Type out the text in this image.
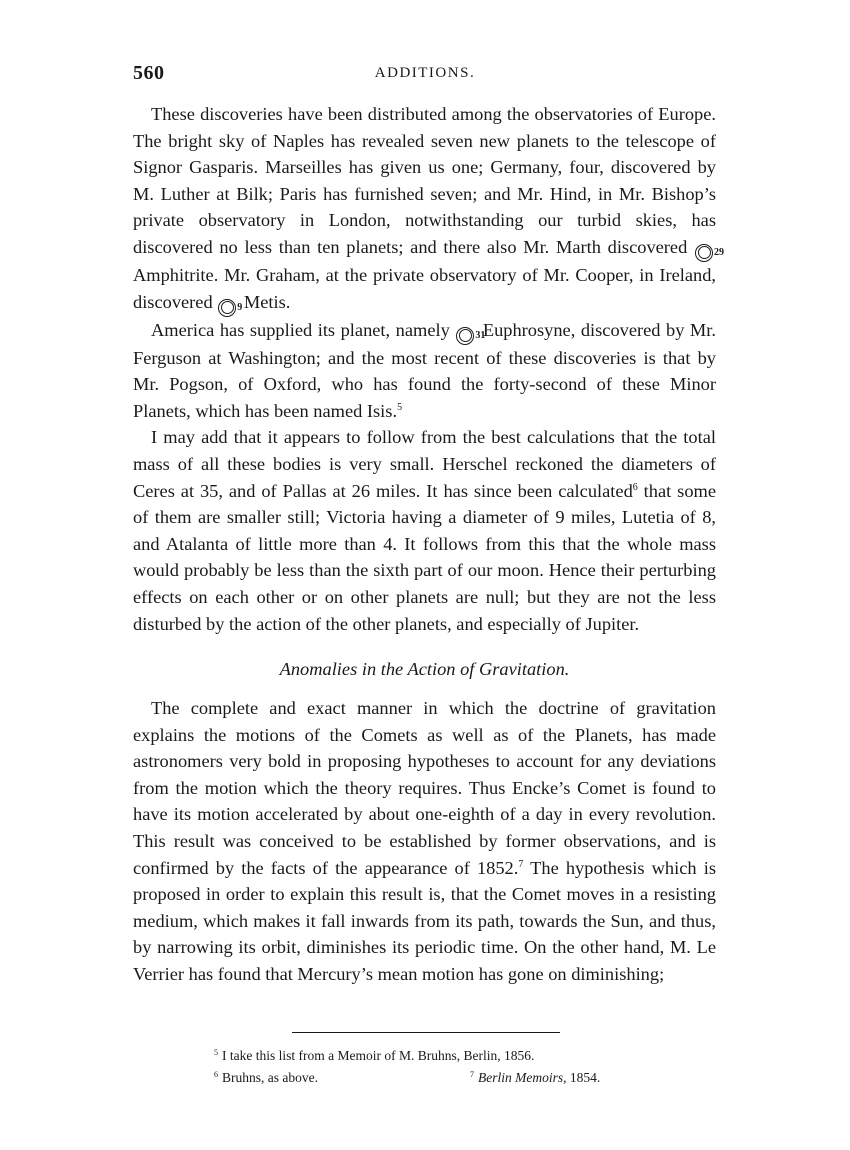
560	ADDITIONS.

These discoveries have been distributed among the observatories of Europe. The bright sky of Naples has revealed seven new planets to the telescope of Signor Gasparis. Marseilles has given us one; Germany, four, discovered by M. Luther at Bilk; Paris has furnished seven; and Mr. Hind, in Mr. Bishop’s private observatory in London, notwithstanding our turbid skies, has discovered no less than ten planets; and there also Mr. Marth discovered	29 Amphitrite. Mr. Graham, at the private observatory of Mr. Cooper, in Ireland, discovered 9 Metis.

America has supplied its planet, namely	31 Euphrosyne, discovered by Mr. Ferguson at Washington; and the most recent of these discoveries is that by Mr. Pogson, of Oxford, who has found the forty-second of these Minor Planets, which has been named Isis.$^5$

I may add that it appears to follow from the best calculations that the total mass of all these bodies is very small. Herschel reckoned the diameters of Ceres at 35, and of Pallas at 26 miles. It has since been calculated$^6$ that some of them are smaller still; Victoria having a diameter of 9 miles, Lutetia of 8, and Atalanta of little more than 4. It follows from this that the whole mass would probably be less than the sixth part of our moon. Hence their perturbing effects on each other or on other planets are null; but they are not the less disturbed by the action of the other planets, and especially of Jupiter.

Anomalies in the Action of Gravitation.

The complete and exact manner in which the doctrine of gravitation explains the motions of the Comets as well as of the Planets, has made astronomers very bold in proposing hypotheses to account for any deviations from the motion which the theory requires. Thus Encke’s Comet is found to have its motion accelerated by about one-eighth of a day in every revolution. This result was conceived to be established by former observations, and is confirmed by the facts of the appearance of 1852.$^7$ The hypothesis which is proposed in order to explain this result is, that the Comet moves in a resisting medium, which makes it fall inwards from its path, towards the Sun, and thus, by narrowing its orbit, diminishes its periodic time. On the other hand, M. Le Verrier has found that Mercury’s mean motion has gone on diminishing;

$^5$ I take this list from a Memoir of M. Bruhns, Berlin, 1856.
$^6$ Bruhns, as above.	$^7$ Berlin Memoirs, 1854.
